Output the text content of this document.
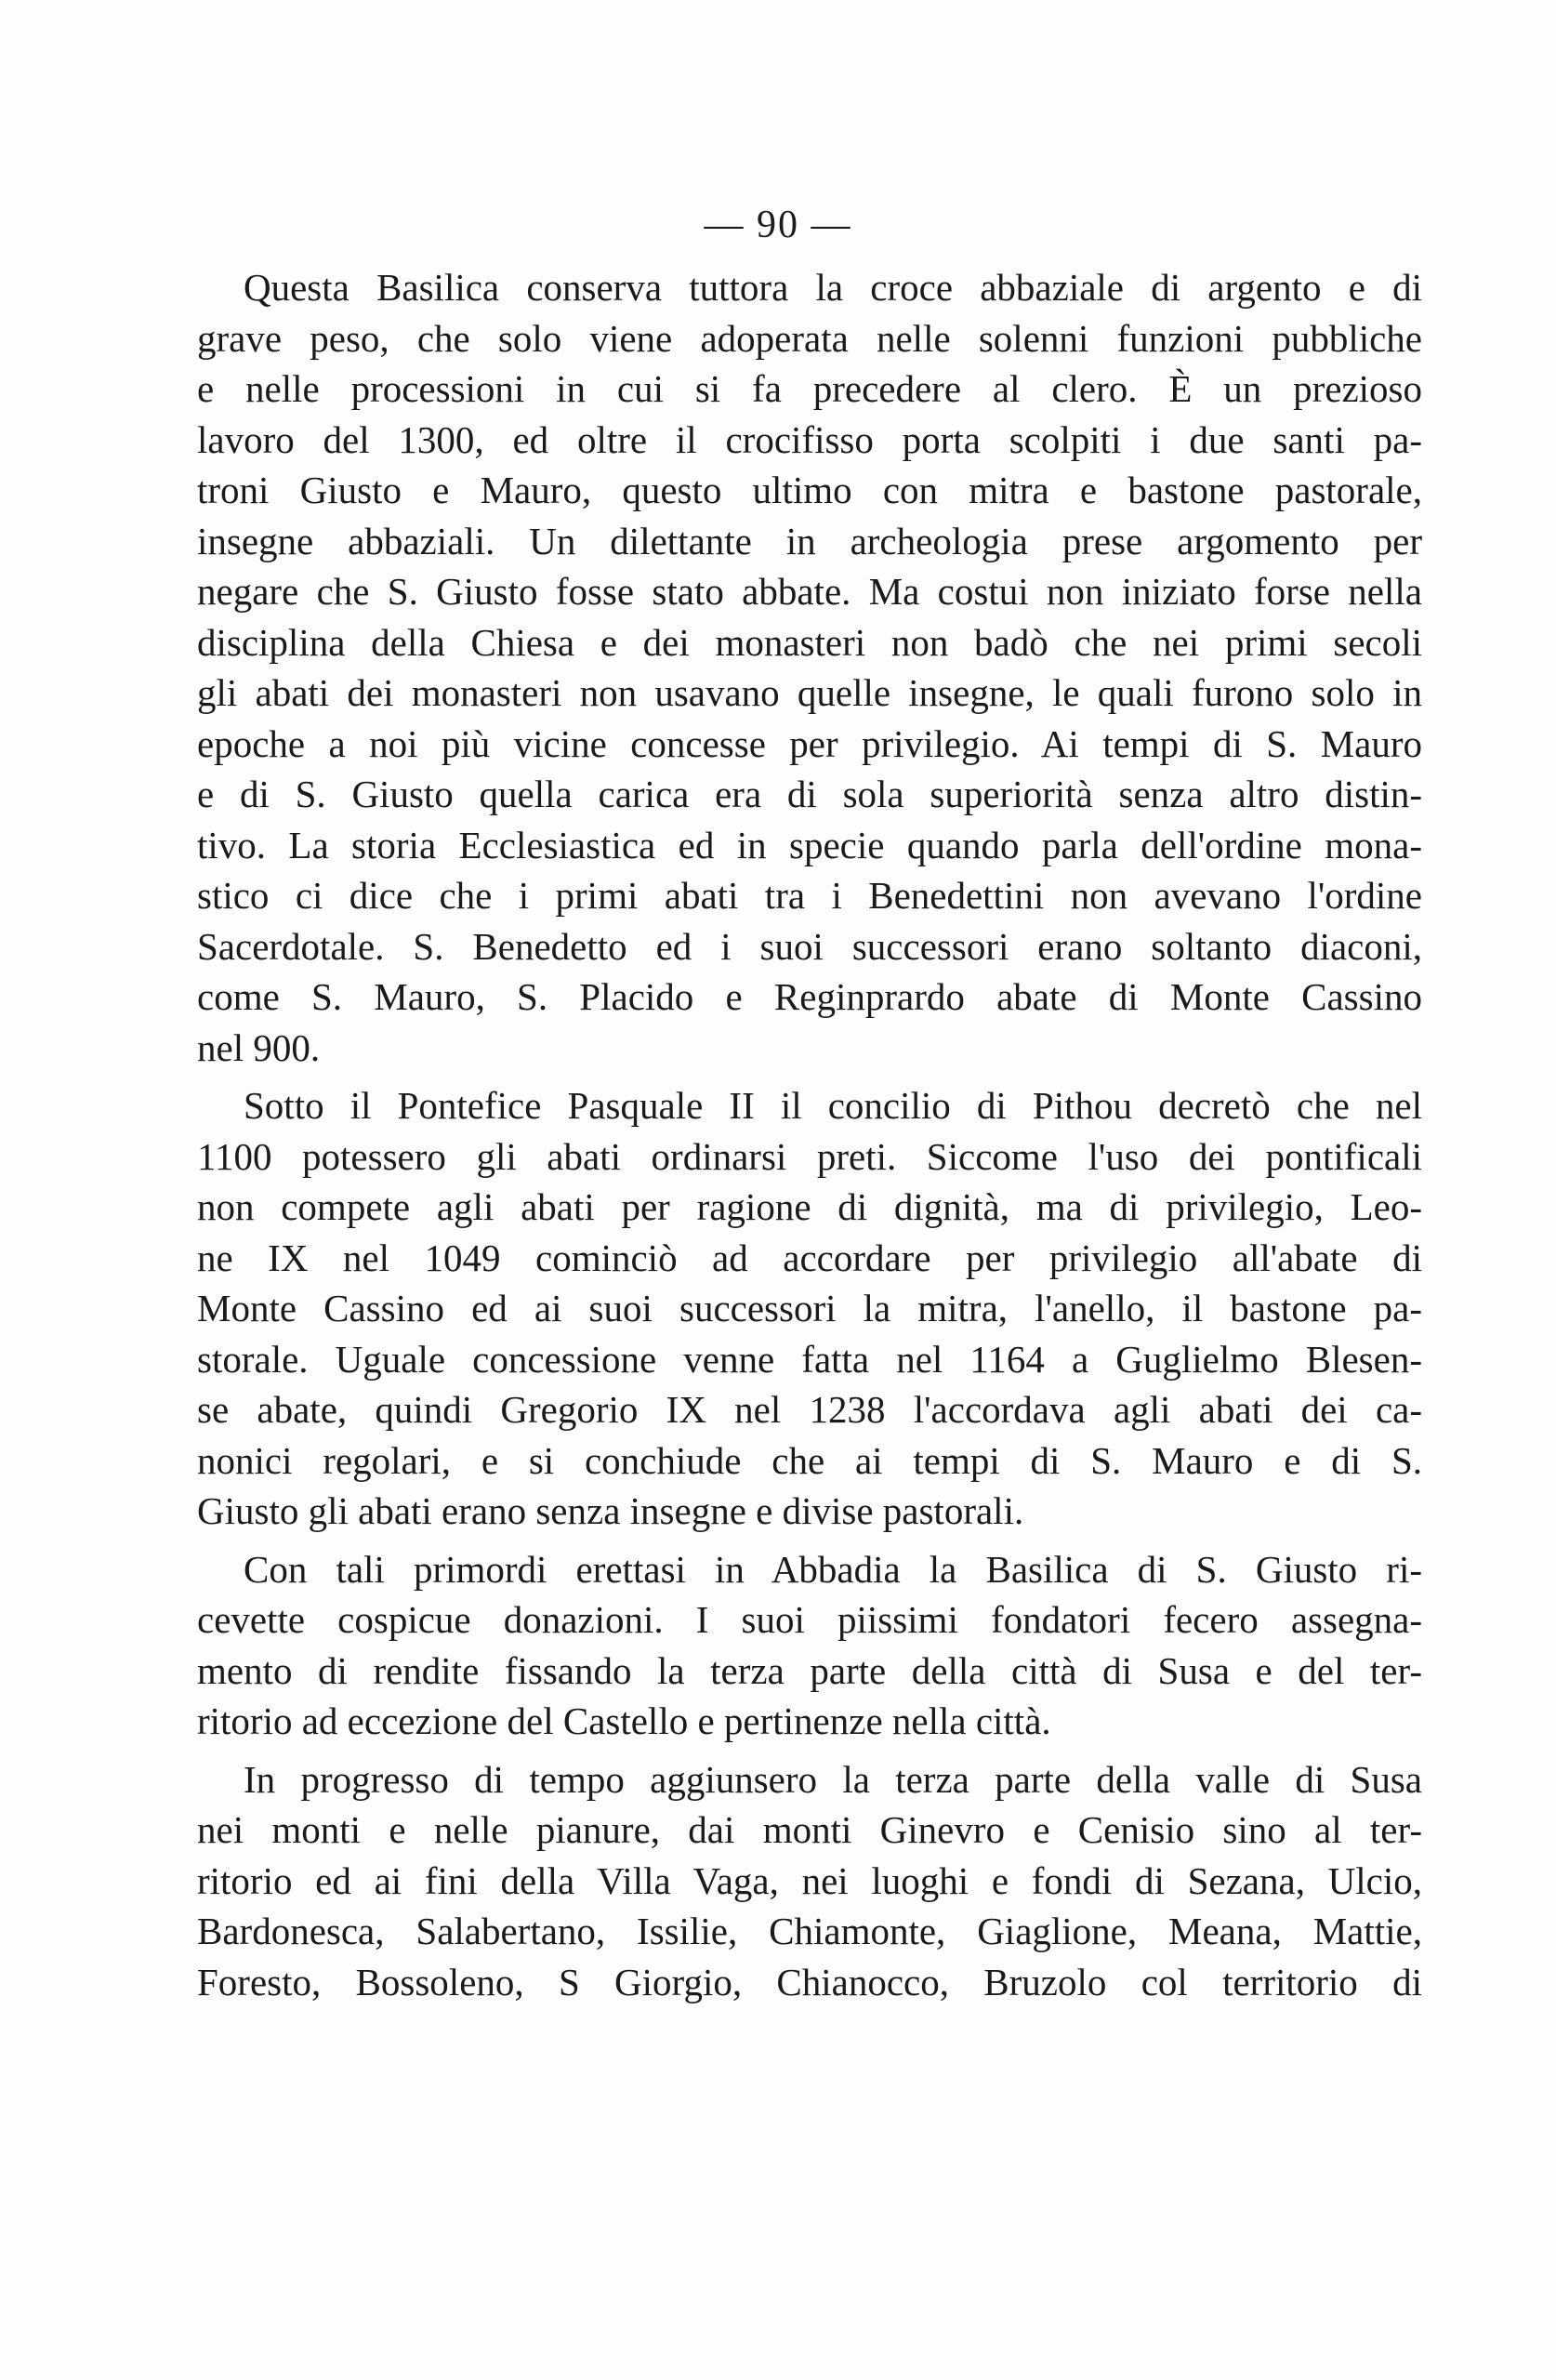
— 90 —
Questa Basilica conserva tuttora la croce abbaziale di argento e di
grave peso, che solo viene adoperata nelle solenni funzioni pubbliche
e nelle processioni in cui si fa precedere al clero. È un prezioso
lavoro del 1300, ed oltre il crocifisso porta scolpiti i due santi pa-
troni Giusto e Mauro, questo ultimo con mitra e bastone pastorale,
insegne abbaziali. Un dilettante in archeologia prese argomento per
negare che S. Giusto fosse stato abbate. Ma costui non iniziato forse nella
disciplina della Chiesa e dei monasteri non badò che nei primi secoli
gli abati dei monasteri non usavano quelle insegne, le quali furono solo in
epoche a noi più vicine concesse per privilegio. Ai tempi di S. Mauro
e di S. Giusto quella carica era di sola superiorità senza altro distin-
tivo. La storia Ecclesiastica ed in specie quando parla dell'ordine mona-
stico ci dice che i primi abati tra i Benedettini non avevano l'ordine
Sacerdotale. S. Benedetto ed i suoi successori erano soltanto diaconi,
come S. Mauro, S. Placido e Reginprardo abate di Monte Cassino
nel 900.
Sotto il Pontefice Pasquale II il concilio di Pithou decretò che nel
1100 potessero gli abati ordinarsi preti. Siccome l'uso dei pontificali
non compete agli abati per ragione di dignità, ma di privilegio, Leo-
ne IX nel 1049 cominciò ad accordare per privilegio all'abate di
Monte Cassino ed ai suoi successori la mitra, l'anello, il bastone pa-
storale. Uguale concessione venne fatta nel 1164 a Guglielmo Blesen-
se abate, quindi Gregorio IX nel 1238 l'accordava agli abati dei ca-
nonici regolari, e si conchiude che ai tempi di S. Mauro e di S.
Giusto gli abati erano senza insegne e divise pastorali.
Con tali primordi erettasi in Abbadia la Basilica di S. Giusto ri-
cevette cospicue donazioni. I suoi piissimi fondatori fecero assegna-
mento di rendite fissando la terza parte della città di Susa e del ter-
ritorio ad eccezione del Castello e pertinenze nella città.
In progresso di tempo aggiunsero la terza parte della valle di Susa
nei monti e nelle pianure, dai monti Ginevro e Cenisio sino al ter-
ritorio ed ai fini della Villa Vaga, nei luoghi e fondi di Sezana, Ulcio,
Bardonesca, Salabertano, Issilie, Chiamonte, Giaglione, Meana, Mattie,
Foresto, Bossoleno, S Giorgio, Chianocco, Bruzolo col territorio di
